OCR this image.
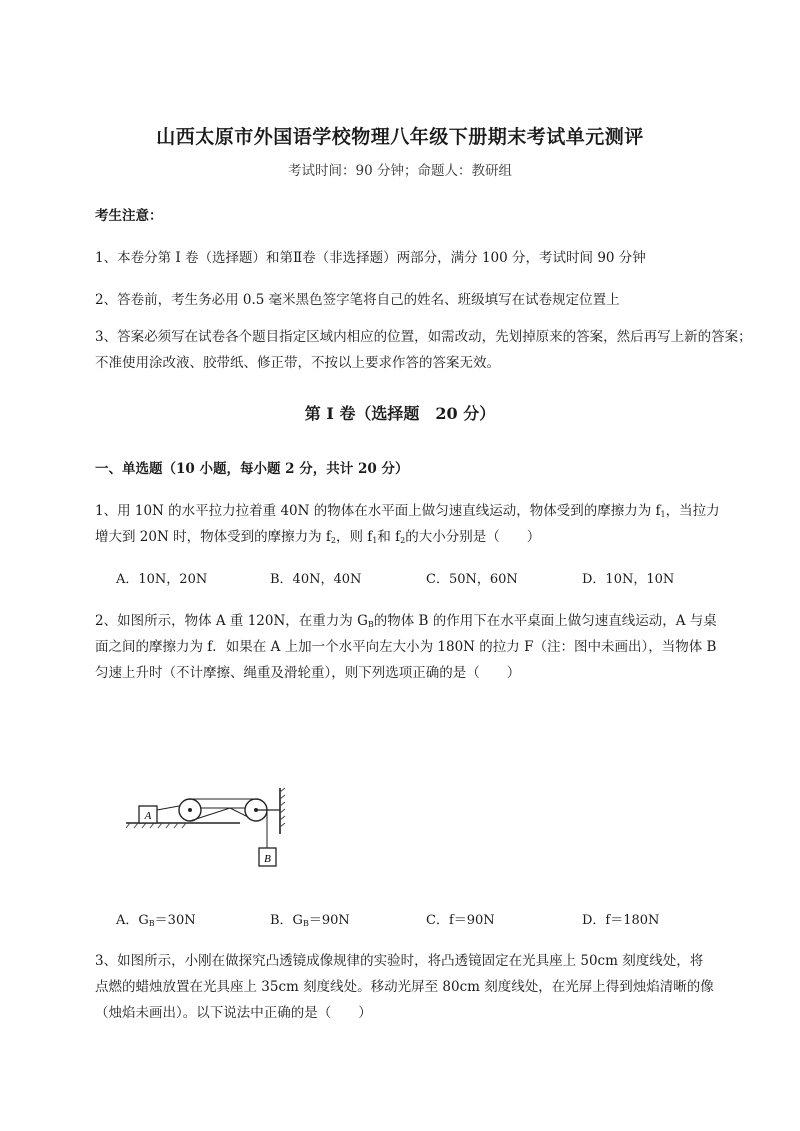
山西太原市外国语学校物理八年级下册期末考试单元测评
考试时间：90 分钟；命题人：教研组
考生注意：
1、本卷分第 I 卷（选择题）和第Ⅱ卷（非选择题）两部分，满分 100 分，考试时间 90 分钟
2、答卷前，考生务必用 0.5 毫米黑色签字笔将自己的姓名、班级填写在试卷规定位置上
3、答案必须写在试卷各个题目指定区域内相应的位置，如需改动，先划掉原来的答案，然后再写上新的答案；不准使用涂改液、胶带纸、修正带，不按以上要求作答的答案无效。
第 I 卷（选择题　20 分）
一、单选题（10 小题，每小题 2 分，共计 20 分）
1、用 10N 的水平拉力拉着重 40N 的物体在水平面上做匀速直线运动，物体受到的摩擦力为 $f_1$，当拉力
增大到 20N 时，物体受到的摩擦力为 $f_2$，则 $f_1$和 $f_2$的大小分别是（　　）
A．10N，20N	B．40N，40N	C．50N，60N	D．10N，10N
2、如图所示，物体 A 重 120N，在重力为 $G_B$的物体 B 的作用下在水平桌面上做匀速直线运动，A 与桌
面之间的摩擦力为 f．如果在 A 上加一个水平向左大小为 180N 的拉力 F（注：图中未画出），当物体 B
匀速上升时（不计摩擦、绳重及滑轮重），则下列选项正确的是（　　）
A
B
A．$G_B=30N$	B．$G_B=90N$	C．f＝90N	D．f＝180N
3、如图所示，小刚在做探究凸透镜成像规律的实验时，将凸透镜固定在光具座上 50cm 刻度线处，将
点燃的蜡烛放置在光具座上 35cm 刻度线处。移动光屏至 80cm 刻度线处，在光屏上得到烛焰清晰的像
（烛焰未画出）。以下说法中正确的是（　　）
